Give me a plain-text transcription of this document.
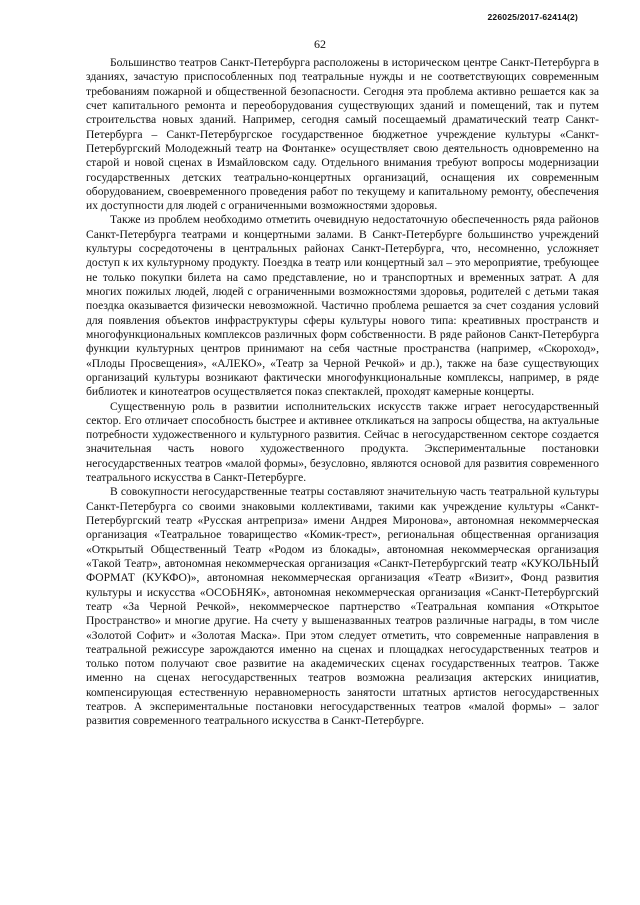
226025/2017-62414(2)
62

Большинство театров Санкт-Петербурга расположены в историческом центре Санкт-Петербурга в зданиях, зачастую приспособленных под театральные нужды и не соответствующих современным требованиям пожарной и общественной безопасности. Сегодня эта проблема активно решается как за счет капитального ремонта и переоборудования существующих зданий и помещений, так и путем строительства новых зданий. Например, сегодня самый посещаемый драматический театр Санкт-Петербурга – Санкт-Петербургское государственное бюджетное учреждение культуры «Санкт-Петербургский Молодежный театр на Фонтанке» осуществляет свою деятельность одновременно на старой и новой сценах в Измайловском саду. Отдельного внимания требуют вопросы модернизации государственных детских театрально-концертных организаций, оснащения их современным оборудованием, своевременного проведения работ по текущему и капитальному ремонту, обеспечения их доступности для людей с ограниченными возможностями здоровья.

Также из проблем необходимо отметить очевидную недостаточную обеспеченность ряда районов Санкт-Петербурга театрами и концертными залами. В Санкт-Петербурге большинство учреждений культуры сосредоточены в центральных районах Санкт-Петербурга, что, несомненно, усложняет доступ к их культурному продукту. Поездка в театр или концертный зал – это мероприятие, требующее не только покупки билета на само представление, но и транспортных и временных затрат. А для многих пожилых людей, людей с ограниченными возможностями здоровья, родителей с детьми такая поездка оказывается физически невозможной. Частично проблема решается за счет создания условий для появления объектов инфраструктуры сферы культуры нового типа: креативных пространств и многофункциональных комплексов различных форм собственности. В ряде районов Санкт-Петербурга функции культурных центров принимают на себя частные пространства (например, «Скороход», «Плоды Просвещения», «АЛЕКО», «Театр за Черной Речкой» и др.), также на базе существующих организаций культуры возникают фактически многофункциональные комплексы, например, в ряде библиотек и кинотеатров осуществляется показ спектаклей, проходят камерные концерты.

Существенную роль в развитии исполнительских искусств также играет негосударственный сектор. Его отличает способность быстрее и активнее откликаться на запросы общества, на актуальные потребности художественного и культурного развития. Сейчас в негосударственном секторе создается значительная часть нового художественного продукта. Экспериментальные постановки негосударственных театров «малой формы», безусловно, являются основой для развития современного театрального искусства в Санкт-Петербурге.

В совокупности негосударственные театры составляют значительную часть театральной культуры Санкт-Петербурга со своими знаковыми коллективами, такими как учреждение культуры «Санкт-Петербургский театр «Русская антреприза» имени Андрея Миронова», автономная некоммерческая организация «Театральное товарищество «Комик-трест», региональная общественная организация «Открытый Общественный Театр «Родом из блокады», автономная некоммерческая организация «Такой Театр», автономная некоммерческая организация «Санкт-Петербургский театр «КУКОЛЬНЫЙ ФОРМАТ (КУКФО)», автономная некоммерческая организация «Театр «Визит», Фонд развития культуры и искусства «ОСОБНЯК», автономная некоммерческая организация «Санкт-Петербургский театр «За Черной Речкой», некоммерческое партнерство «Театральная компания «Открытое Пространство» и многие другие. На счету у вышеназванных театров различные награды, в том числе «Золотой Софит» и «Золотая Маска». При этом следует отметить, что современные направления в театральной режиссуре зарождаются именно на сценах и площадках негосударственных театров и только потом получают свое развитие на академических сценах государственных театров. Также именно на сценах негосударственных театров возможна реализация актерских инициатив, компенсирующая естественную неравномерность занятости штатных артистов негосударственных театров. А экспериментальные постановки негосударственных театров «малой формы» – залог развития современного театрального искусства в Санкт-Петербурге.
